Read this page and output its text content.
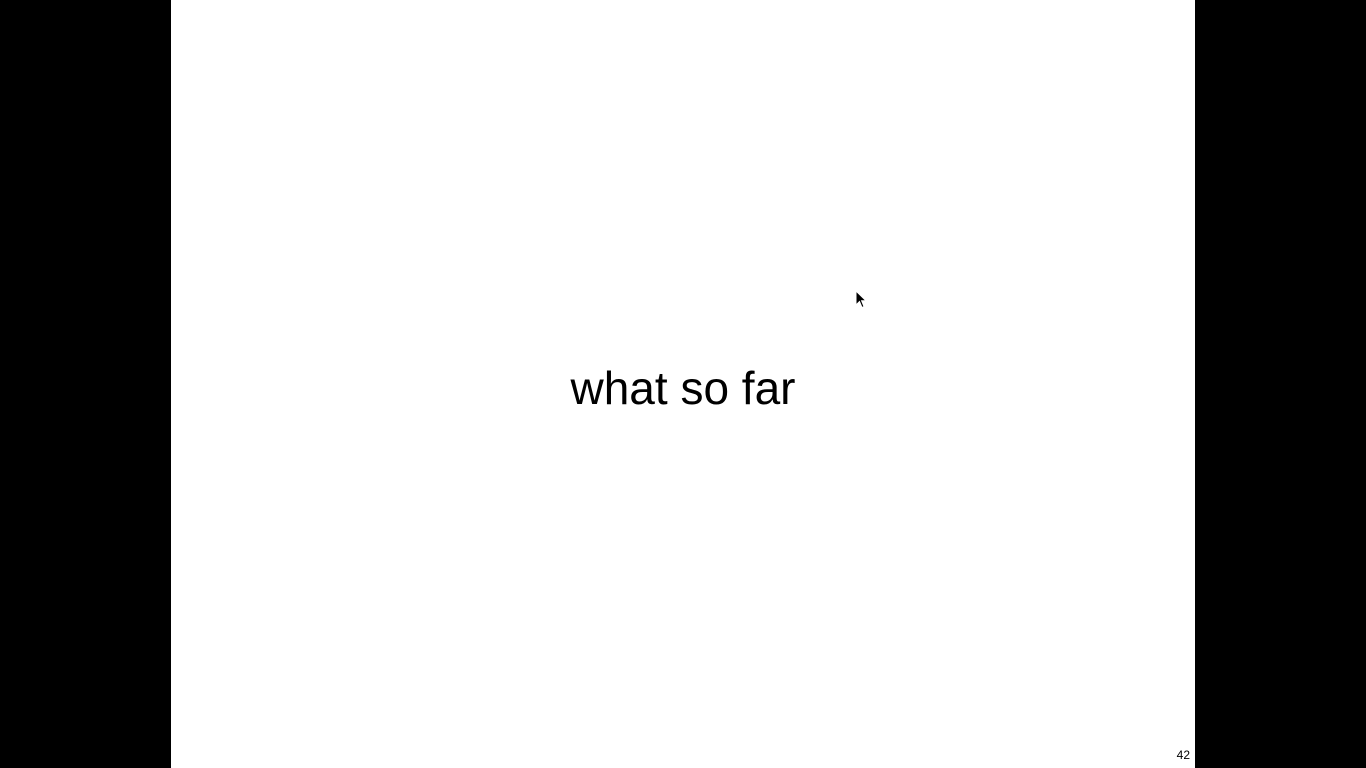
what so far
42
